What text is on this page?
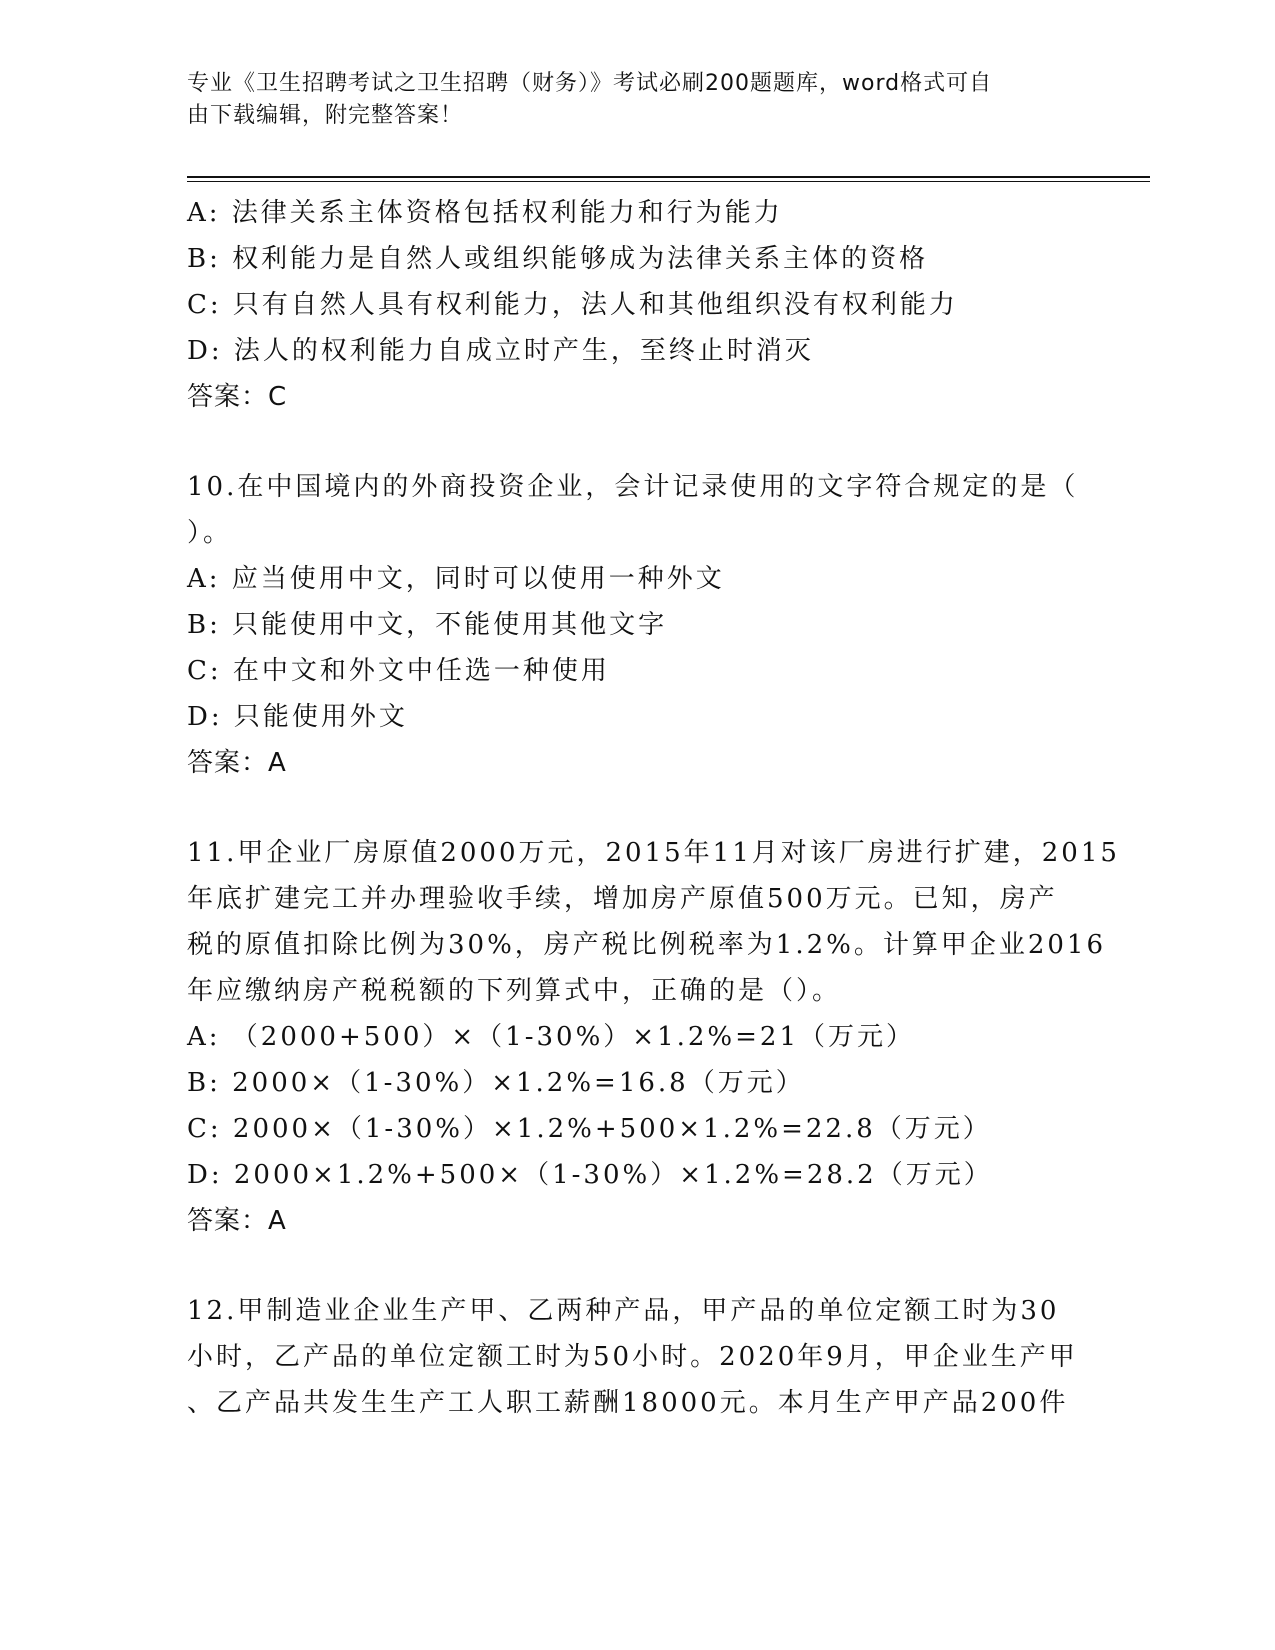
专业《卫生招聘考试之卫生招聘（财务）》考试必刷200题题库，word格式可自
由下载编辑，附完整答案！
A: 法律关系主体资格包括权利能力和行为能力
B: 权利能力是自然人或组织能够成为法律关系主体的资格
C: 只有自然人具有权利能力，法人和其他组织没有权利能力
D: 法人的权利能力自成立时产生，至终止时消灭
答案：C
10.在中国境内的外商投资企业，会计记录使用的文字符合规定的是（
）。
A: 应当使用中文，同时可以使用一种外文
B: 只能使用中文，不能使用其他文字
C: 在中文和外文中任选一种使用
D: 只能使用外文
答案：A
11.甲企业厂房原值2000万元，2015年11月对该厂房进行扩建，2015
年底扩建完工并办理验收手续，增加房产原值500万元。已知，房产
税的原值扣除比例为30%，房产税比例税率为1.2%。计算甲企业2016
年应缴纳房产税税额的下列算式中，正确的是（）。
A: （2000+500）×（1-30%）×1.2%=21（万元）
B: 2000×（1-30%）×1.2%=16.8（万元）
C: 2000×（1-30%）×1.2%+500×1.2%=22.8（万元）
D: 2000×1.2%+500×（1-30%）×1.2%=28.2（万元）
答案：A
12.甲制造业企业生产甲、乙两种产品，甲产品的单位定额工时为30
小时，乙产品的单位定额工时为50小时。2020年9月，甲企业生产甲
、乙产品共发生生产工人职工薪酬18000元。本月生产甲产品200件
